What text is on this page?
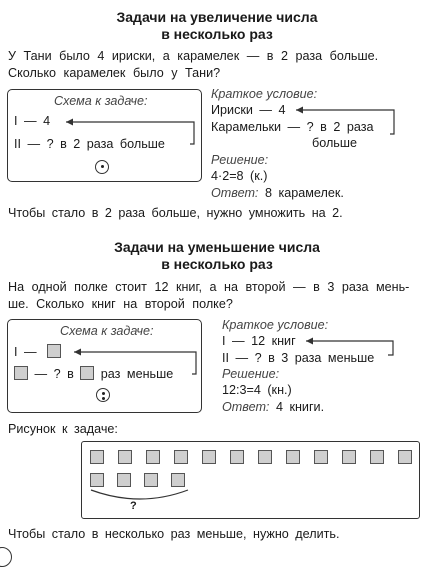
Задачи на увеличение числа
в несколько раз
У Тани было 4 ириски, а карамелек — в 2 раза больше.
Сколько карамелек было у Тани?
Схема к задаче:
I — 4
II — ? в 2 раза больше
Краткое условие:
Ириски — 4
Карамельки — ? в 2 раза
больше
Решение:
4·2=8 (к.)
Ответ: 8 карамелек.
Чтобы стало в 2 раза больше, нужно умножить на 2.
Задачи на уменьшение числа
в несколько раз
На одной полке стоит 12 книг, а на второй — в 3 раза мень-
ше. Сколько книг на второй полке?
Схема к задаче:
I —
— ? в раз меньше
Краткое условие:
I — 12 книг
II — ? в 3 раза меньше
Решение:
12:3=4 (кн.)
Ответ: 4 книги.
Рисунок к задаче:
?
Чтобы стало в несколько раз меньше, нужно делить.
